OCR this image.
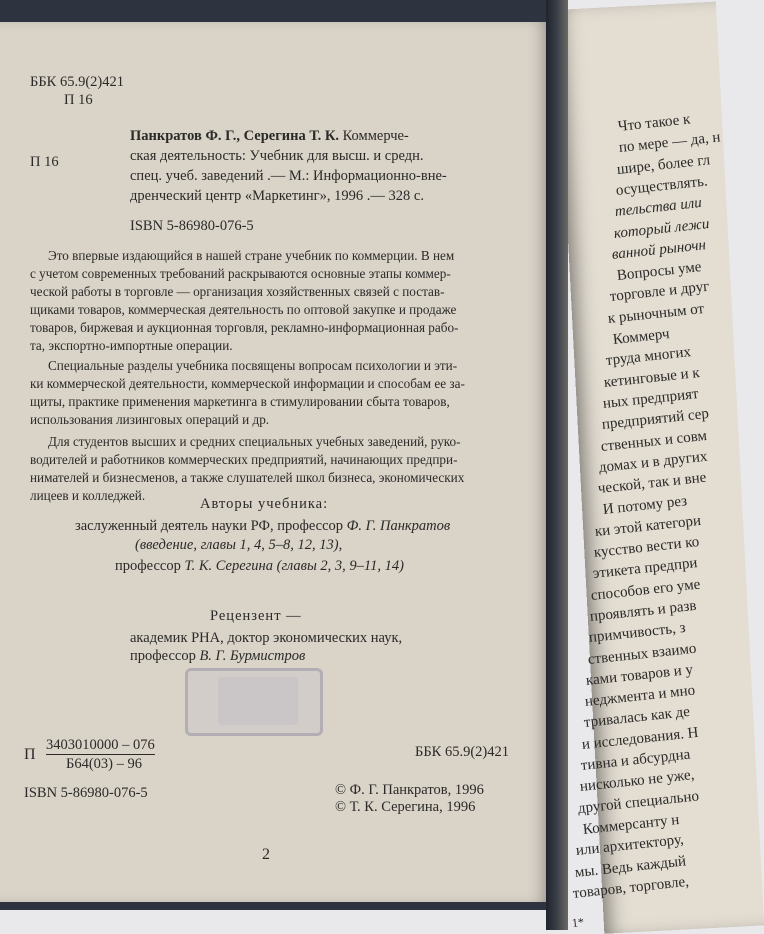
ББК 65.9(2)421
П 16
П 16
Панкратов Ф. Г., Серегина Т. К. Коммерче-
ская деятельность: Учебник для высш. и средн.
спец. учеб. заведений .— М.: Информационно-вне-
дренческий центр «Маркетинг», 1996 .— 328 с.
ISBN 5-86980-076-5
Это впервые издающийся в нашей стране учебник по коммерции. В нем
с учетом современных требований раскрываются основные этапы коммер-
ческой работы в торговле — организация хозяйственных связей с постав-
щиками товаров, коммерческая деятельность по оптовой закупке и продаже
товаров, биржевая и аукционная торговля, рекламно-информационная рабо-
та, экспортно-импортные операции.
Специальные разделы учебника посвящены вопросам психологии и эти-
ки коммерческой деятельности, коммерческой информации и способам ее за-
щиты, практике применения маркетинга в стимулировании сбыта товаров,
использования лизинговых операций и др.
Для студентов высших и средних специальных учебных заведений, руко-
водителей и работников коммерческих предприятий, начинающих предпри-
нимателей и бизнесменов, а также слушателей школ бизнеса, экономических
лицеев и колледжей.
Авторы учебника:
заслуженный деятель науки РФ, профессор Ф. Г. Панкратов
(введение, главы 1, 4, 5–8, 12, 13),
профессор Т. К. Серегина (главы 2, 3, 9–11, 14)
Рецензент —
академик РНА, доктор экономических наук,
профессор В. Г. Бурмистров
П
3403010000 – 076
Б64(03) – 96
ББК 65.9(2)421
ISBN 5-86980-076-5	© Ф. Г. Панкратов, 1996
© Т. К. Серегина, 1996
2
Что такое к
по мере — да, н
шире, более гл
осуществлять.
тельства или
который лежи
ванной рыночн
Вопросы уме
торговле и друг
к рыночным от
Коммерч
труда многих
кетинговые и к
ных предприят
предприятий сер
ственных и совм
домах и в других
ческой, так и вне
И потому рез
ки этой категори
кусство вести ко
этикета предпри
способов его уме
проявлять и разв
примчивость, з
ственных взаимо
ками товаров и у
неджмента и мно
тривалась как де
и исследования. Н
тивна и абсурдна
нисколько не уже,
другой специально
Коммерсанту н
или архитектору,
мы. Ведь каждый
товаров, торговле,
1*
